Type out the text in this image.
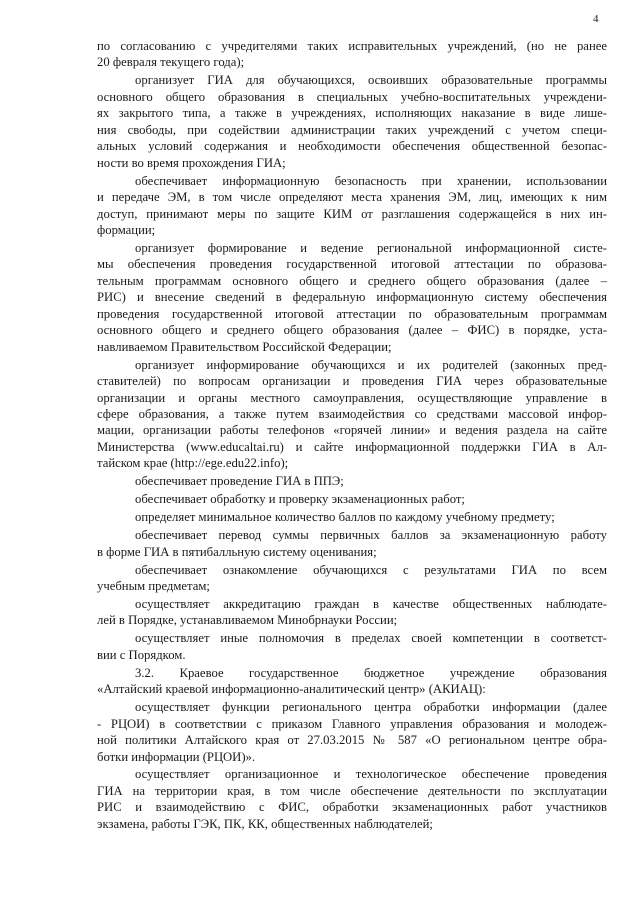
4
по согласованию с учредителями таких исправительных учреждений, (но не ранее
20 февраля текущего года);
организует ГИА для обучающихся, освоивших образовательные программы
основного общего образования в специальных учебно-воспитательных учреждени-
ях закрытого типа, а также в учреждениях, исполняющих наказание в виде лише-
ния свободы, при содействии администрации таких учреждений с учетом специ-
альных условий содержания и необходимости обеспечения общественной безопас-
ности во время прохождения ГИА;
обеспечивает информационную безопасность при хранении, использовании
и передаче ЭМ, в том числе определяют места хранения ЭМ, лиц, имеющих к ним
доступ, принимают меры по защите КИМ от разглашения содержащейся в них ин-
формации;
организует формирование и ведение региональной информационной систе-
мы обеспечения проведения государственной итоговой аттестации по образова-
тельным программам основного общего и среднего общего образования (далее –
РИС) и внесение сведений в федеральную информационную систему обеспечения
проведения государственной итоговой аттестации по образовательным программам
основного общего и среднего общего образования (далее – ФИС) в порядке, уста-
навливаемом Правительством Российской Федерации;
организует информирование обучающихся и их родителей (законных пред-
ставителей) по вопросам организации и проведения ГИА через образовательные
организации и органы местного самоуправления, осуществляющие управление в
сфере образования, а также путем взаимодействия со средствами массовой инфор-
мации, организации работы телефонов «горячей линии» и ведения раздела на сайте
Министерства (www.educaltai.ru) и сайте информационной поддержки ГИА в Ал-
тайском крае (http://ege.edu22.info);
обеспечивает проведение ГИА в ППЭ;
обеспечивает обработку и проверку экзаменационных работ;
определяет минимальное количество баллов по каждому учебному предмету;
обеспечивает перевод суммы первичных баллов за экзаменационную работу
в форме ГИА в пятибалльную систему оценивания;
обеспечивает ознакомление обучающихся с результатами ГИА по всем
учебным предметам;
осуществляет аккредитацию граждан в качестве общественных наблюдате-
лей в Порядке, устанавливаемом Минобрнауки России;
осуществляет иные полномочия в пределах своей компетенции в соответст-
вии с Порядком.
3.2. Краевое государственное бюджетное учреждение образования
«Алтайский краевой информационно-аналитический центр» (АКИАЦ):
осуществляет функции регионального центра обработки информации (далее
- РЦОИ) в соответствии с приказом Главного управления образования и молодеж-
ной политики Алтайского края от 27.03.2015 № 587 «О региональном центре обра-
ботки информации (РЦОИ)».
осуществляет организационное и технологическое обеспечение проведения
ГИА на территории края, в том числе обеспечение деятельности по эксплуатации
РИС и взаимодействию с ФИС, обработки экзаменационных работ участников
экзамена, работы ГЭК, ПК, КК, общественных наблюдателей;
